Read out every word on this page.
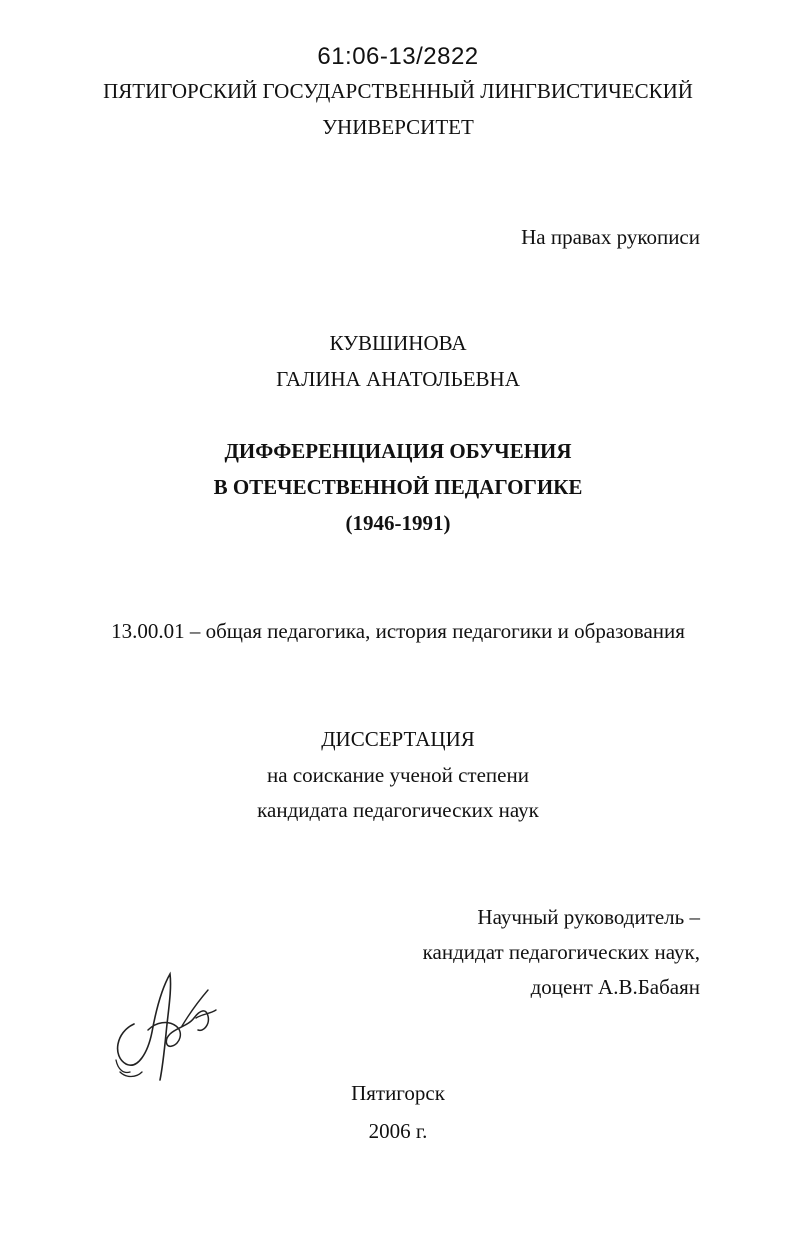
61:06-13/2822
ПЯТИГОРСКИЙ ГОСУДАРСТВЕННЫЙ ЛИНГВИСТИЧЕСКИЙ
УНИВЕРСИТЕТ
На правах рукописи
КУВШИНОВА
ГАЛИНА АНАТОЛЬЕВНА
ДИФФЕРЕНЦИАЦИЯ ОБУЧЕНИЯ
В ОТЕЧЕСТВЕННОЙ ПЕДАГОГИКЕ
(1946-1991)
13.00.01 – общая педагогика, история педагогики и образования
ДИССЕРТАЦИЯ
на соискание ученой степени
кандидата педагогических наук
Научный руководитель –
кандидат педагогических наук,
доцент А.В.Бабаян
Пятигорск
2006 г.
